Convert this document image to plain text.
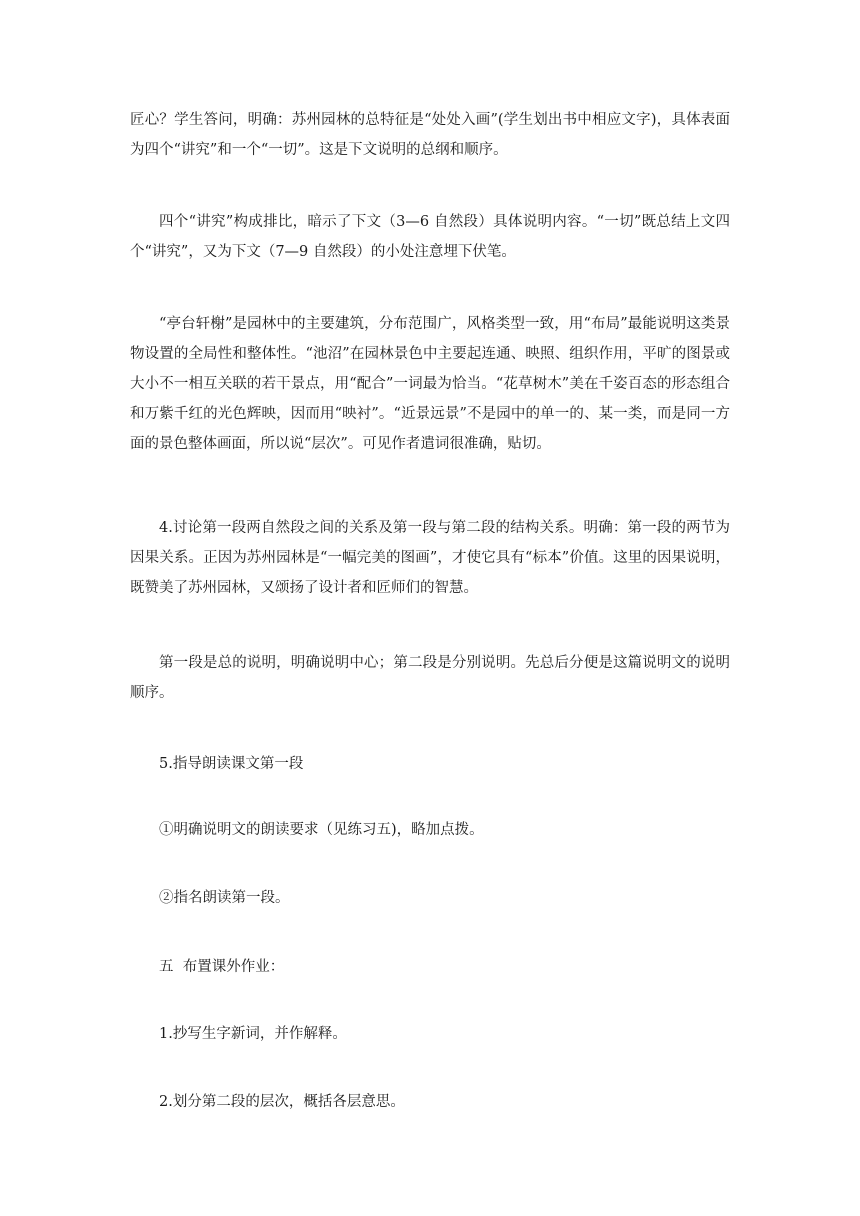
匠心？学生答问，明确：苏州园林的总特征是“处处入画”(学生划出书中相应文字)，具体表面为四个“讲究”和一个“一切”。这是下文说明的总纲和顺序。

四个“讲究”构成排比，暗示了下文（3—6 自然段）具体说明内容。“一切”既总结上文四个“讲究”，又为下文（7—9 自然段）的小处注意埋下伏笔。

“亭台轩榭”是园林中的主要建筑，分布范围广，风格类型一致，用“布局”最能说明这类景物设置的全局性和整体性。“池沼”在园林景色中主要起连通、映照、组织作用，平旷的图景或大小不一相互关联的若干景点，用“配合”一词最为恰当。“花草树木”美在千姿百态的形态组合和万紫千红的光色辉映，因而用“映衬”。“近景远景”不是园中的单一的、某一类，而是同一方面的景色整体画面，所以说“层次”。可见作者遣词很准确，贴切。

4.讨论第一段两自然段之间的关系及第一段与第二段的结构关系。明确：第一段的两节为因果关系。正因为苏州园林是“一幅完美的图画”，才使它具有“标本”价值。这里的因果说明，既赞美了苏州园林，又颂扬了设计者和匠师们的智慧。

第一段是总的说明，明确说明中心；第二段是分别说明。先总后分便是这篇说明文的说明顺序。

5.指导朗读课文第一段

①明确说明文的朗读要求（见练习五)，略加点拨。

②指名朗读第一段。

五  布置课外作业：

1.抄写生字新词，并作解释。

2.划分第二段的层次，概括各层意思。
